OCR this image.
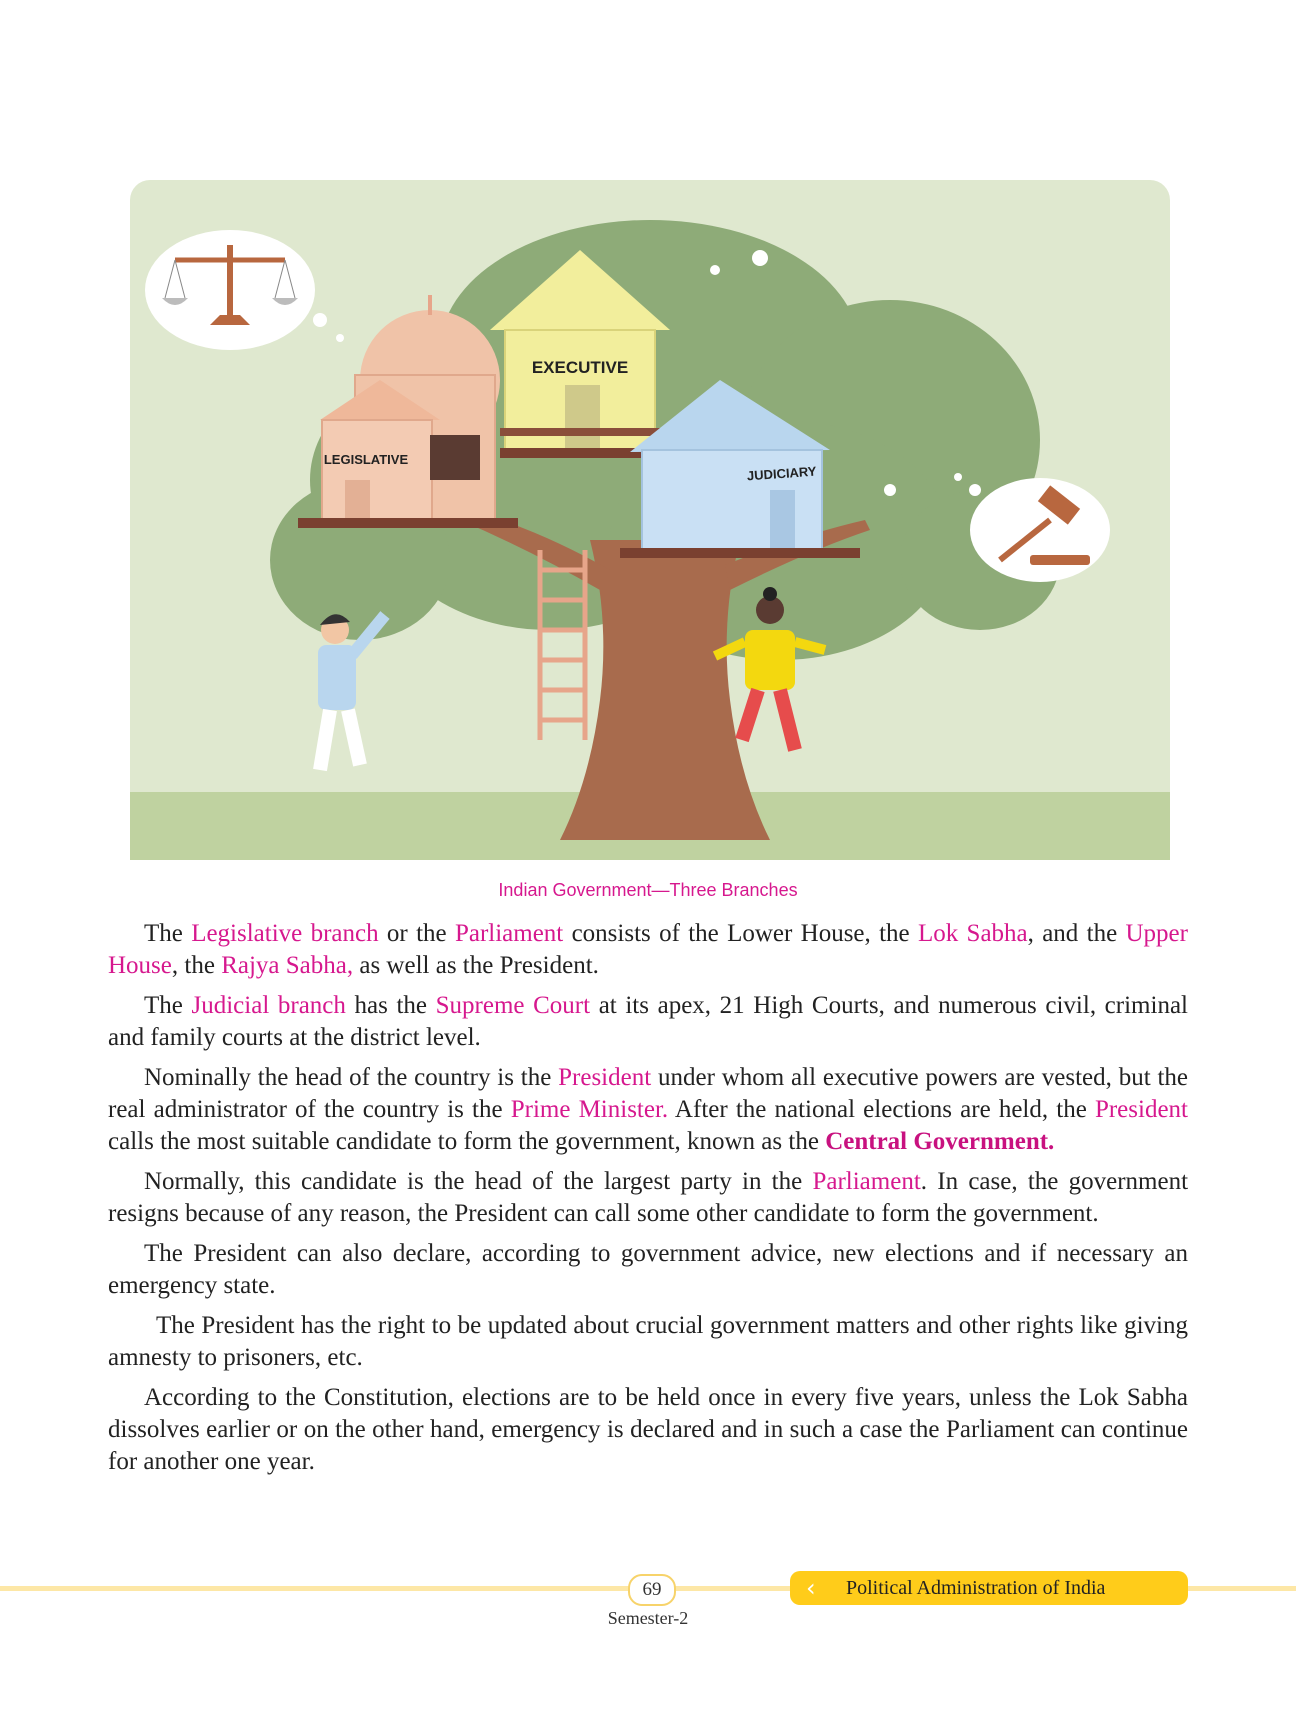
EXECUTIVE
LEGISLATIVE
JUDICIARY
Indian Government—Three Branches

The Legislative branch or the Parliament consists of the Lower House, the Lok Sabha, and the Upper House, the Rajya Sabha, as well as the President.

The Judicial branch has the Supreme Court at its apex, 21 High Courts, and numerous civil, criminal and family courts at the district level.

Nominally the head of the country is the President under whom all executive powers are vested, but the real administrator of the country is the Prime Minister. After the national elections are held, the President calls the most suitable candidate to form the government, known as the Central Government.

Normally, this candidate is the head of the largest party in the Parliament. In case, the government resigns because of any reason, the President can call some other candidate to form the government.

The President can also declare, according to government advice, new elections and if necessary an emergency state.

The President has the right to be updated about crucial government matters and other rights like giving amnesty to prisoners, etc.

According to the Constitution, elections are to be held once in every five years, unless the Lok Sabha dissolves earlier or on the other hand, emergency is declared and in such a case the Parliament can continue for another one year.

69
Semester-2
‹ Political Administration of India
